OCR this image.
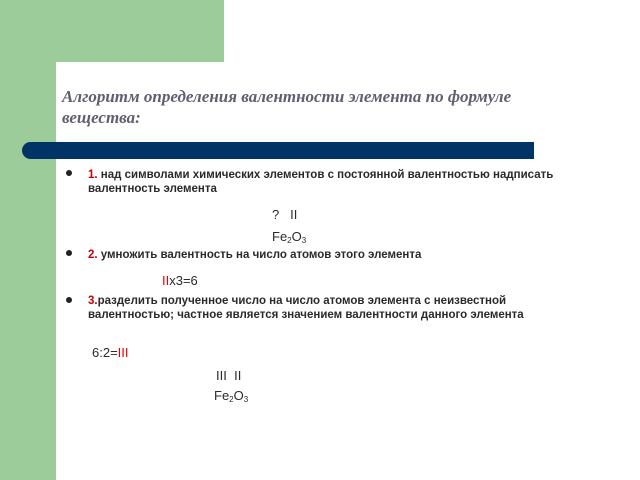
Алгоритм определения валентности элемента по формуле вещества:

1. над символами химических элементов с постоянной валентностью надписать валентность элемента

? II
$Fe_2O_3$

2. умножить валентность на число атомов этого элемента

IIх3=6

3.разделить полученное число на число атомов элемента с неизвестной валентностью; частное является значением валентности данного элемента

6:2=III
III II
$Fe_2O_3$
